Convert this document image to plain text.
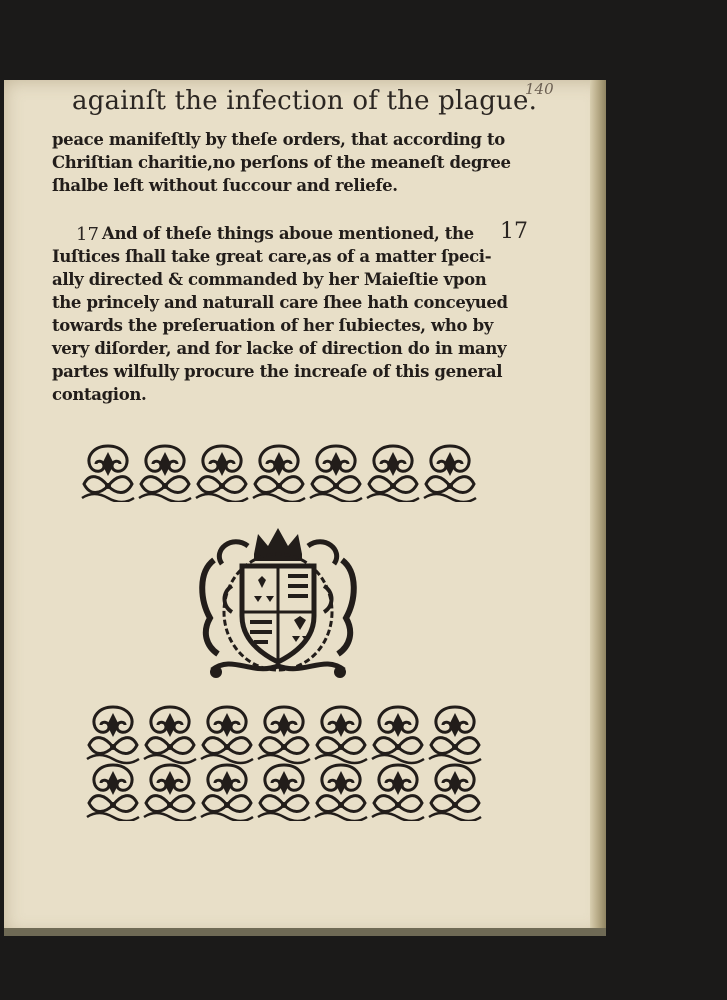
againſt the infection of the plague.
140

peace manifeſtly by theſe orders, that according to
Chriſtian charitie,no perſons of the meaneſt degree
ſhalbe left without ſuccour and reliefe.

17	17

And of theſe things aboue mentioned, the
Iuſtices ſhall take great care,as of a matter ſpeci-
ally directed & commanded by her Maieſtie vpon
the princely and naturall care ſhee hath conceyued
towards the preſeruation of her ſubiectes, who by
very diſorder, and for lacke of direction do in many
partes wilfully procure the increaſe of this general
contagion.
